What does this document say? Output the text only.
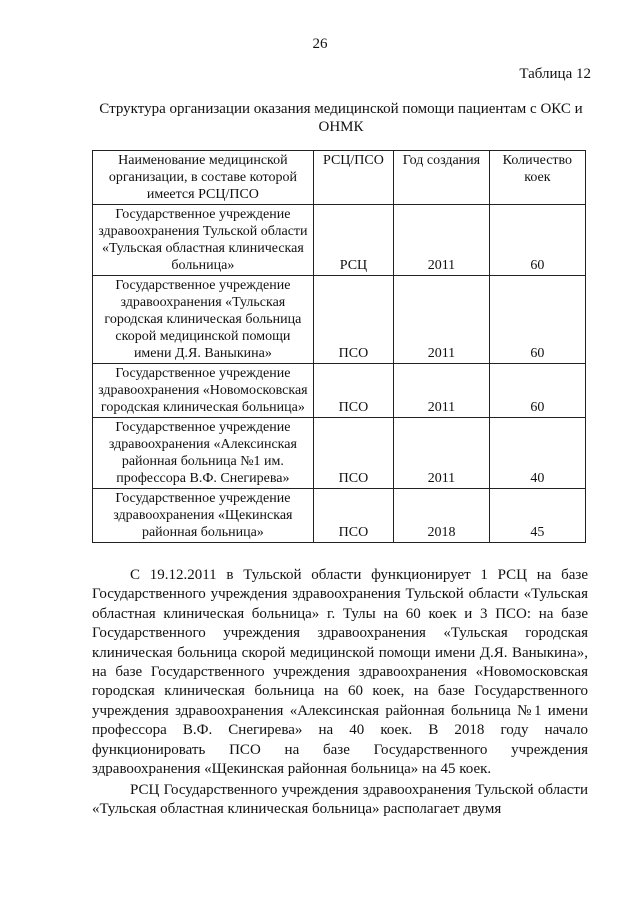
26
Таблица 12
Структура организации оказания медицинской помощи пациентам с ОКС и ОНМК
Наименование медицинской организации, в составе которой имеется РСЦ/ПСО	РСЦ/ПСО	Год создания	Количество коек
Государственное учреждение здравоохранения Тульской области «Тульская областная клиническая больница»	РСЦ	2011	60
Государственное учреждение здравоохранения «Тульская городская клиническая больница скорой медицинской помощи имени Д.Я. Ваныкина»	ПСО	2011	60
Государственное учреждение здравоохранения «Новомосковская городская клиническая больница»	ПСО	2011	60
Государственное учреждение здравоохранения «Алексинская районная больница №1 им. профессора В.Ф. Снегирева»	ПСО	2011	40
Государственное учреждение здравоохранения «Щекинская районная больница»	ПСО	2018	45

С 19.12.2011 в Тульской области функционирует 1 РСЦ на базе Государственного учреждения здравоохранения Тульской области «Тульская областная клиническая больница» г. Тулы на 60 коек и 3 ПСО: на базе Государственного учреждения здравоохранения «Тульская городская клиническая больница скорой медицинской помощи имени Д.Я. Ваныкина», на базе Государственного учреждения здравоохранения «Новомосковская городская клиническая больница на 60 коек, на базе Государственного учреждения здравоохранения «Алексинская районная больница №1 имени профессора В.Ф. Снегирева» на 40 коек. В 2018 году начало функционировать ПСО на базе Государственного учреждения здравоохранения «Щекинская районная больница» на 45 коек.

РСЦ Государственного учреждения здравоохранения Тульской области «Тульская областная клиническая больница» располагает двумя
